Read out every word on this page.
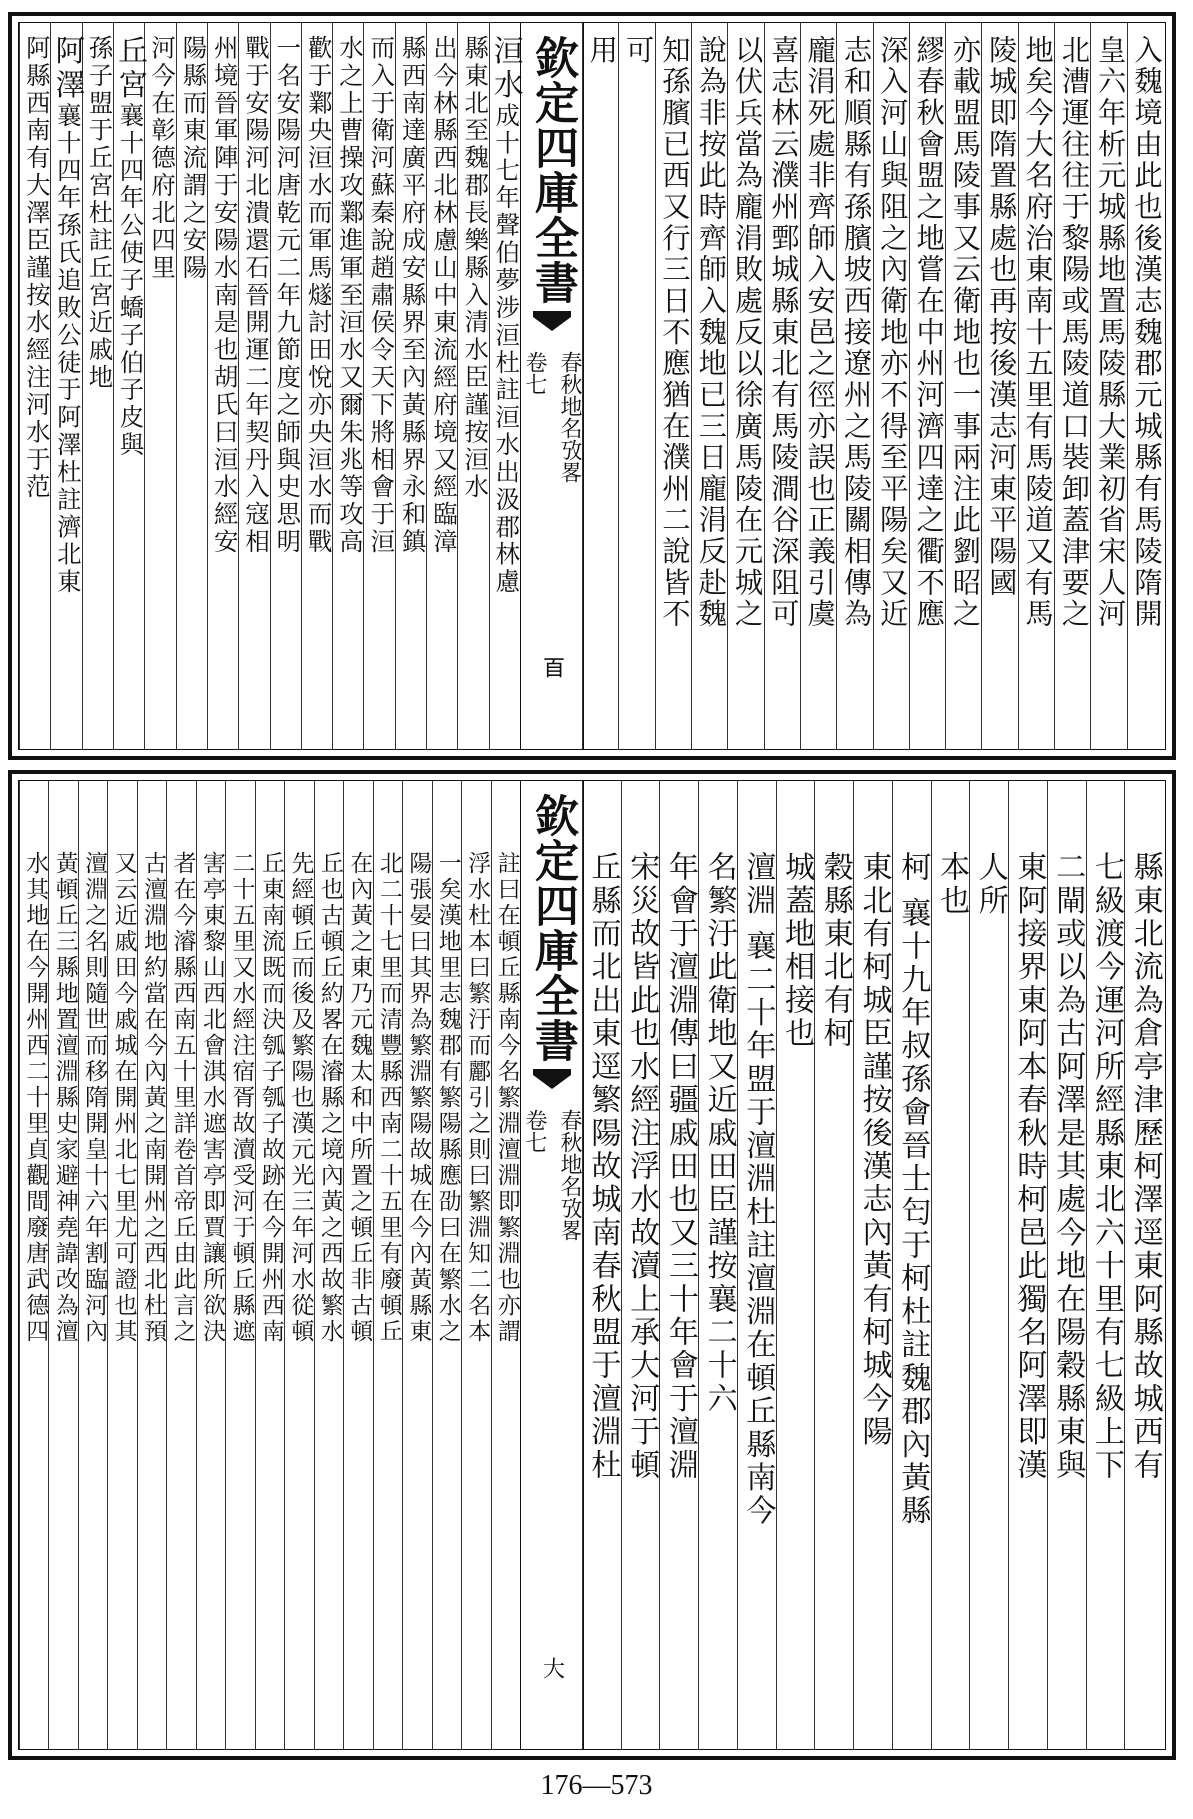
欽定四庫全書
春秋地名攷畧
卷七
𦣻
入魏境由此也後漢志魏郡元城縣有馬陵隋開
皇六年析元城縣地置馬陵縣大業初省宋人河
北漕運往往于黎陽或馬陵道口裝卸蓋津要之
地矣今大名府治東南十五里有馬陵道又有馬
陵城即隋置縣處也再按後漢志河東平陽國
亦載盟馬陵事又云衛地也一事兩注此劉昭之
繆春秋會盟之地嘗在中州河濟四達之衢不應
深入河山與阻之內衛地亦不得至平陽矣又近
志和順縣有孫臏坡西接遼州之馬陵關相傳為
龐涓死處非齊師入安邑之徑亦誤也正義引虞
喜志林云濮州鄄城縣東北有馬陵澗谷深阻可
以伏兵當為龐涓敗處反以徐廣馬陵在元城之
說為非按此時齊師入魏地已三日龐涓反赴魏
知孫臏已西又行三日不應猶在濮州二說皆不
可
用
洹水成十七年聲伯夢涉洹杜註洹水出汲郡林慮
縣東北至魏郡長樂縣入清水臣謹按洹水
出今林縣西北林慮山中東流經府境又經臨漳
縣西南達廣平府成安縣界至內黃縣界永和鎮
而入于衛河蘇秦說趙肅侯令天下將相會于洹
水之上曹操攻鄴進軍至洹水又爾朱兆等攻高
歡于鄴央洹水而軍馬燧討田悅亦央洹水而戰
一名安陽河唐乾元二年九節度之師與史思明
戰于安陽河北潰還石晉開運二年契丹入寇相
州境晉軍陣于安陽水南是也胡氏曰洹水經安
陽縣而東流謂之安陽
河今在彰德府北四里
丘宮襄十四年公使子蟜子伯子皮與
孫子盟于丘宮杜註丘宮近戚地
阿澤襄十四年孫氏追敗公徒于阿澤杜註濟北東
阿縣西南有大澤臣謹按水經注河水于范
欽定四庫全書
春秋地名攷畧
卷七
大
縣東北流為倉亭津歷柯澤逕東阿縣故城西有
七級渡今運河所經縣東北六十里有七級上下
二閘或以為古阿澤是其處今地在陽穀縣東與
東阿接界東阿本春秋時柯邑此獨名阿澤即漢
人所
本也
柯 襄十九年叔孫會晉士匄于柯杜註魏郡內黃縣
東北有柯城臣謹按後漢志內黃有柯城今陽
穀縣東北有柯
城蓋地相接也
澶淵 襄二十年盟于澶淵杜註澶淵在頓丘縣南今
名繁汙此衛地又近戚田臣謹按襄二十六
年會于澶淵傳曰疆戚田也又三十年會于澶淵
宋災故皆此也水經注浮水故瀆上承大河于頓
丘縣而北出東逕繁陽故城南春秋盟于澶淵杜
註曰在頓丘縣南今名繁淵澶淵即繁淵也亦謂
浮水杜本曰繁汙而酈引之則曰繁淵知二名本
一矣漢地里志魏郡有繁陽縣應劭曰在繁水之
陽張晏曰其界為繁淵繁陽故城在今內黃縣東
北二十七里而清豐縣西南二十五里有廢頓丘
在內黃之東乃元魏太和中所置之頓丘非古頓
丘也古頓丘約畧在濬縣之境內黃之西故繁水
先經頓丘而後及繁陽也漢元光三年河水從頓
丘東南流既而決瓠子瓠子故跡在今開州西南
二十五里又水經注宿胥故瀆受河于頓丘縣遮
害亭東黎山西北會淇水遮害亭即賈讓所欲決
者在今濬縣西南五十里詳卷首帝丘由此言之
古澶淵地約當在今內黃之南開州之西北杜預
又云近戚田今戚城在開州北七里尤可證也其
澶淵之名則隨世而移隋開皇十六年割臨河內
黃頓丘三縣地置澶淵縣史家避神堯諱改為澶
水其地在今開州西二十里貞觀間廢唐武德四
176—573
